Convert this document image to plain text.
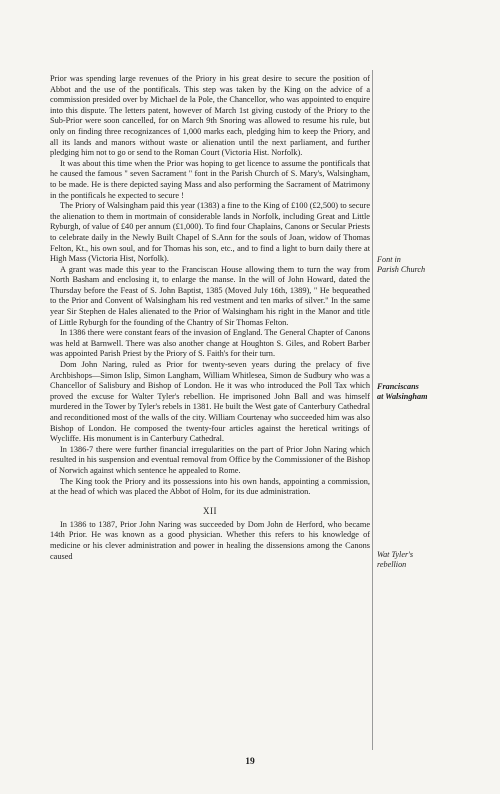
Prior was spending large revenues of the Priory in his great desire to secure the position of Abbot and the use of the pontificals. This step was taken by the King on the advice of a commission presided over by Michael de la Pole, the Chancellor, who was appointed to enquire into this dispute. The letters patent, however of March 1st giving custody of the Priory to the Sub-Prior were soon cancelled, for on March 9th Snoring was allowed to resume his rule, but only on finding three recognizances of 1,000 marks each, pledging him to keep the Priory, and all its lands and manors without waste or alienation until the next parliament, and further pledging him not to go or send to the Roman Court (Victoria Hist. Norfolk).

It was about this time when the Prior was hoping to get licence to assume the pontificals that he caused the famous " seven Sacrament " font in the Parish Church of S. Mary's, Walsingham, to be made. He is there depicted saying Mass and also performing the Sacrament of Matrimony in the pontificals he expected to secure !

The Priory of Walsingham paid this year (1383) a fine to the King of £100 (£2,500) to secure the alienation to them in mortmain of considerable lands in Norfolk, including Great and Little Ryburgh, of value of £40 per annum (£1,000). To find four Chaplains, Canons or Secular Priests to celebrate daily in the Newly Built Chapel of S.Ann for the souls of Joan, widow of Thomas Felton, Kt., his own soul, and for Thomas his son, etc., and to find a light to burn daily there at High Mass (Victoria Hist, Norfolk).

A grant was made this year to the Franciscan House allowing them to turn the way from North Basham and enclosing it, to enlarge the manse. In the will of John Howard, dated the Thursday before the Feast of S. John Baptist, 1385 (Moved July 16th, 1389), " He bequeathed to the Prior and Convent of Walsingham his red vestment and ten marks of silver." In the same year Sir Stephen de Hales alienated to the Prior of Walsingham his right in the Manor and title of Little Ryburgh for the founding of the Chantry of Sir Thomas Felton.

In 1386 there were constant fears of the invasion of England. The General Chapter of Canons was held at Barnwell. There was also another change at Houghton S. Giles, and Robert Barber was appointed Parish Priest by the Priory of S. Faith's for their turn.

Dom John Naring, ruled as Prior for twenty-seven years during the prelacy of five Archbishops—Simon Islip, Simon Langham, William Whitlesea, Simon de Sudbury who was a Chancellor of Salisbury and Bishop of London. He it was who introduced the Poll Tax which proved the excuse for Walter Tyler's rebellion. He imprisoned John Ball and was himself murdered in the Tower by Tyler's rebels in 1381. He built the West gate of Canterbury Cathedral and reconditioned most of the walls of the city. William Courtenay who succeeded him was also Bishop of London. He composed the twenty-four articles against the heretical writings of Wycliffe. His monument is in Canterbury Cathedral.

In 1386-7 there were further financial irregularities on the part of Prior John Naring which resulted in his suspension and eventual removal from Office by the Commissioner of the Bishop of Norwich against which sentence he appealed to Rome.

The King took the Priory and its possessions into his own hands, appointing a commission, at the head of which was placed the Abbot of Holm, for its due administration.

XII

In 1386 to 1387, Prior John Naring was succeeded by Dom John de Herford, who became 14th Prior. He was known as a good physician. Whether this refers to his knowledge of medicine or his clever administration and power in healing the dissensions among the Canons caused

Font in
Parish Church
Franciscans
at Walsingham
Wat Tyler's
rebellion
19
